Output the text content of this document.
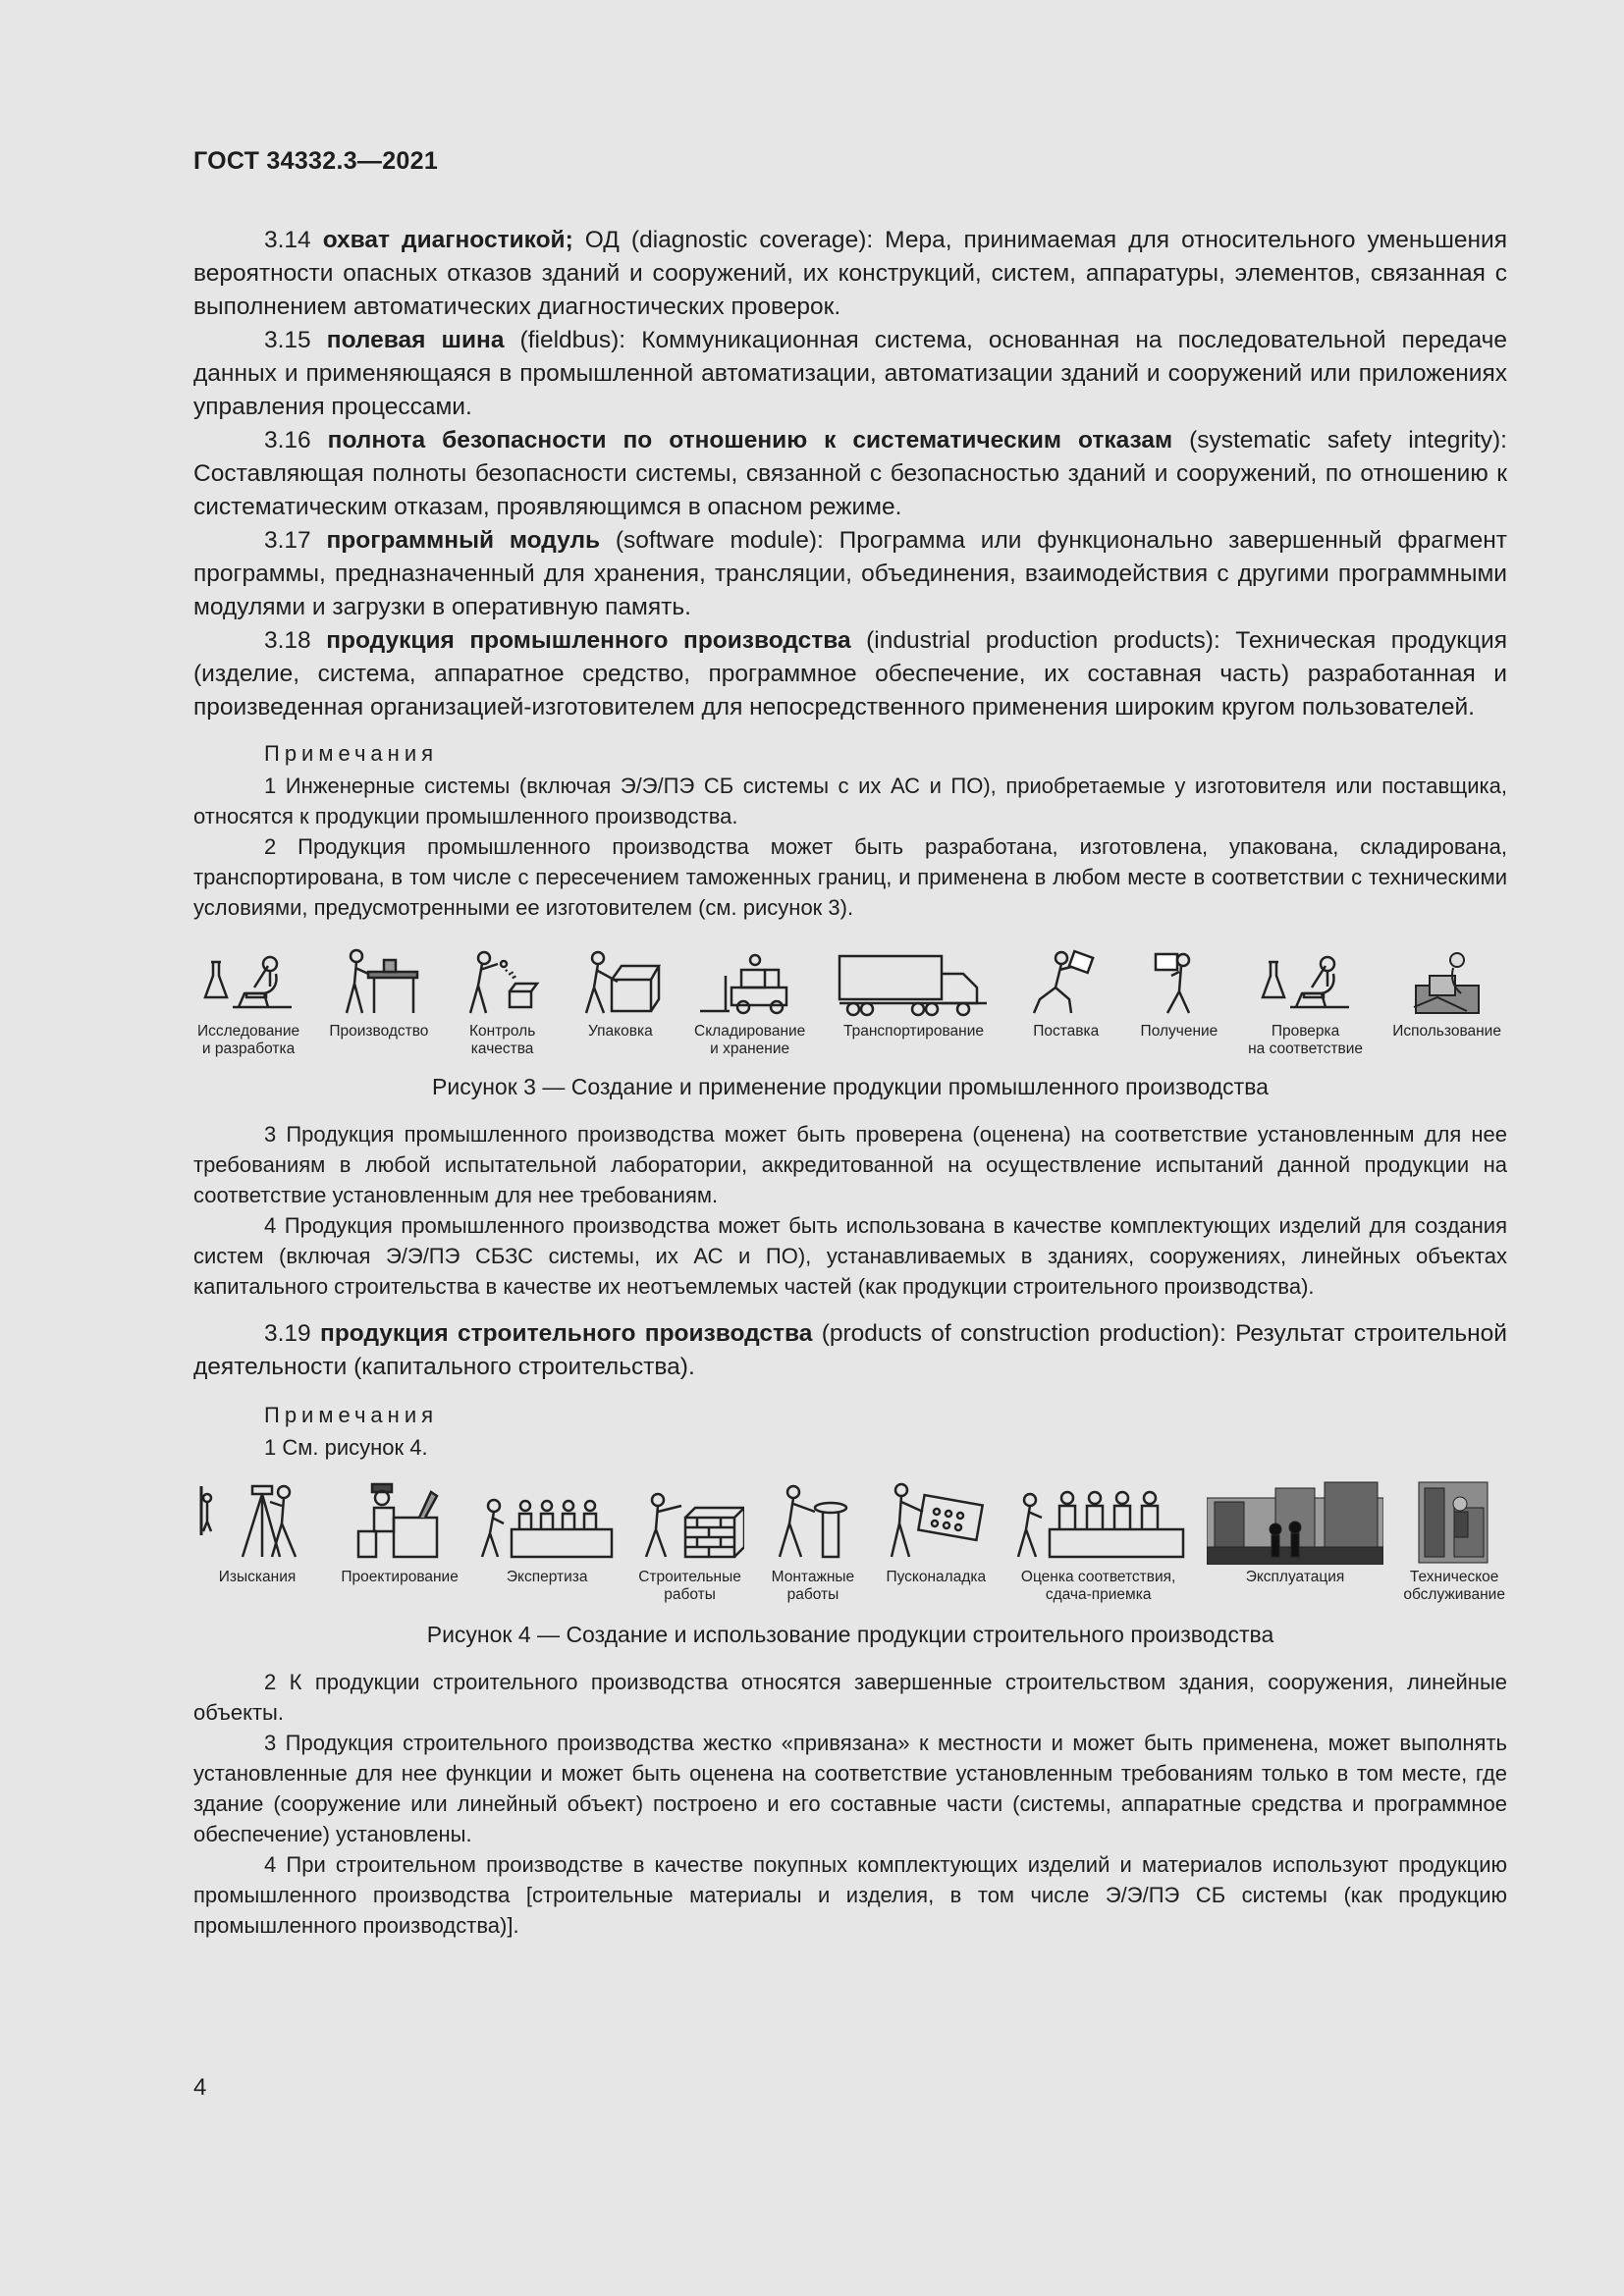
ГОСТ 34332.3—2021

3.14 охват диагностикой; ОД (diagnostic coverage): Мера, принимаемая для относительного уменьшения вероятности опасных отказов зданий и сооружений, их конструкций, систем, аппаратуры, элементов, связанная с выполнением автоматических диагностических проверок.

3.15 полевая шина (fieldbus): Коммуникационная система, основанная на последовательной передаче данных и применяющаяся в промышленной автоматизации, автоматизации зданий и сооружений или приложениях управления процессами.

3.16 полнота безопасности по отношению к систематическим отказам (systematic safety integrity): Составляющая полноты безопасности системы, связанной с безопасностью зданий и сооружений, по отношению к систематическим отказам, проявляющимся в опасном режиме.

3.17 программный модуль (software module): Программа или функционально завершенный фрагмент программы, предназначенный для хранения, трансляции, объединения, взаимодействия с другими программными модулями и загрузки в оперативную память.

3.18 продукция промышленного производства (industrial production products): Техническая продукция (изделие, система, аппаратное средство, программное обеспечение, их составная часть) разработанная и произведенная организацией-изготовителем для непосредственного применения широким кругом пользователей.

Примечания

1 Инженерные системы (включая Э/Э/ПЭ СБ системы с их АС и ПО), приобретаемые у изготовителя или поставщика, относятся к продукции промышленного производства.

2 Продукция промышленного производства может быть разработана, изготовлена, упакована, складирована, транспортирована, в том числе с пересечением таможенных границ, и применена в любом месте в соответствии с техническими условиями, предусмотренными ее изготовителем (см. рисунок 3).

Исследование
и разработка
Производство	Контроль
качества
Упаковка	Складирование
и хранение
Транспортирование	Поставка	Получение	Проверка
на соответствие
Использование

Рисунок 3 — Создание и применение продукции промышленного производства

3 Продукция промышленного производства может быть проверена (оценена) на соответствие установленным для нее требованиям в любой испытательной лаборатории, аккредитованной на осуществление испытаний данной продукции на соответствие установленным для нее требованиям.

4 Продукция промышленного производства может быть использована в качестве комплектующих изделий для создания систем (включая Э/Э/ПЭ СБЗС системы, их АС и ПО), устанавливаемых в зданиях, сооружениях, линейных объектах капитального строительства в качестве их неотъемлемых частей (как продукции строительного производства).

3.19 продукция строительного производства (products of construction production): Результат строительной деятельности (капитального строительства).

Примечания

1 См. рисунок 4.

Изыскания	Проектирование	Экспертиза	Строительные
работы
Монтажные
работы
Пусконаладка Оценка соответствия,
сдача-приемка
Эксплуатация	Техническое
обслуживание

Рисунок 4 — Создание и использование продукции строительного производства

2 К продукции строительного производства относятся завершенные строительством здания, сооружения, линейные объекты.

3 Продукция строительного производства жестко «привязана» к местности и может быть применена, может выполнять установленные для нее функции и может быть оценена на соответствие установленным требованиям только в том месте, где здание (сооружение или линейный объект) построено и его составные части (системы, аппаратные средства и программное обеспечение) установлены.

4 При строительном производстве в качестве покупных комплектующих изделий и материалов используют продукцию промышленного производства [строительные материалы и изделия, в том числе Э/Э/ПЭ СБ системы (как продукцию промышленного производства)].

4
